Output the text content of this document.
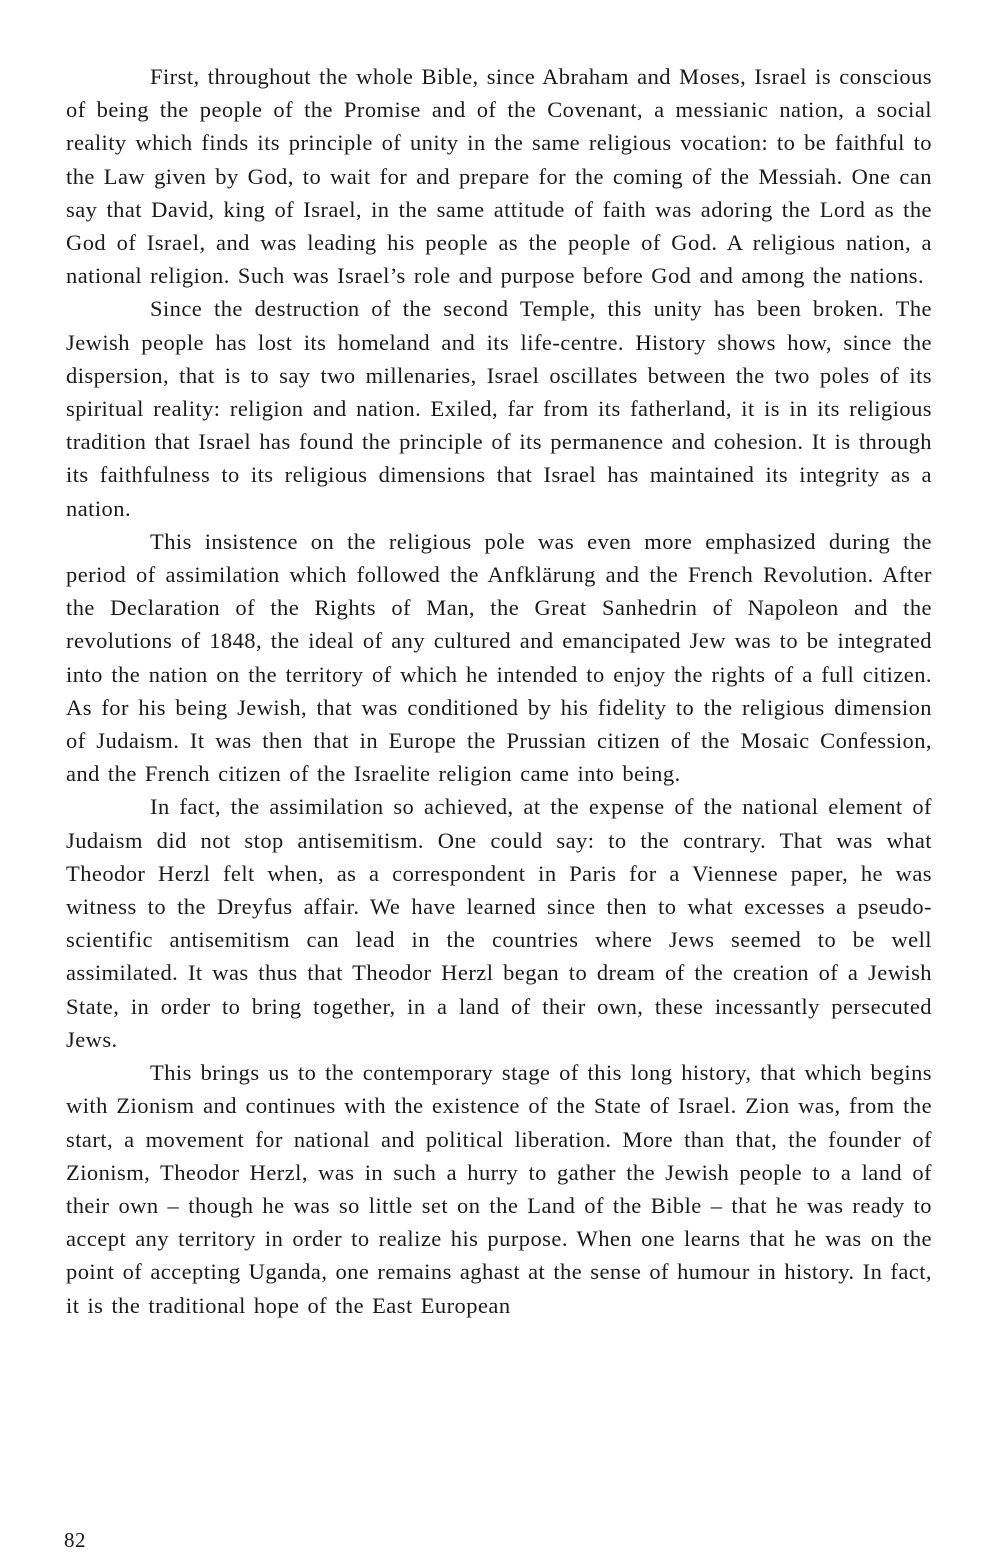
First, throughout the whole Bible, since Abraham and Moses, Israel is conscious of being the people of the Promise and of the Covenant, a messianic nation, a social reality which finds its principle of unity in the same religious vocation: to be faithful to the Law given by God, to wait for and prepare for the coming of the Messiah. One can say that David, king of Israel, in the same attitude of faith was adoring the Lord as the God of Israel, and was leading his people as the people of God. A religious nation, a national religion. Such was Israel’s role and purpose before God and among the nations.

Since the destruction of the second Temple, this unity has been broken. The Jewish people has lost its homeland and its life-centre. History shows how, since the dispersion, that is to say two millenaries, Israel oscillates between the two poles of its spiritual reality: religion and nation. Exiled, far from its fatherland, it is in its religious tradition that Israel has found the principle of its permanence and cohesion. It is through its faithfulness to its religious dimensions that Israel has maintained its integrity as a nation.

This insistence on the religious pole was even more emphasized during the period of assimilation which followed the Anfklärung and the French Revolution. After the Declaration of the Rights of Man, the Great Sanhedrin of Napoleon and the revolutions of 1848, the ideal of any cultured and emancipated Jew was to be integrated into the nation on the territory of which he intended to enjoy the rights of a full citizen. As for his being Jewish, that was conditioned by his fidelity to the religious dimension of Judaism. It was then that in Europe the Prussian citizen of the Mosaic Confession, and the French citizen of the Israelite religion came into being.

In fact, the assimilation so achieved, at the expense of the national element of Judaism did not stop antisemitism. One could say: to the contrary. That was what Theodor Herzl felt when, as a correspondent in Paris for a Viennese paper, he was witness to the Dreyfus affair. We have learned since then to what excesses a pseudo-scientific antisemitism can lead in the countries where Jews seemed to be well assimilated. It was thus that Theodor Herzl began to dream of the creation of a Jewish State, in order to bring together, in a land of their own, these incessantly persecuted Jews.

This brings us to the contemporary stage of this long history, that which begins with Zionism and continues with the existence of the State of Israel. Zion was, from the start, a movement for national and political liberation. More than that, the founder of Zionism, Theodor Herzl, was in such a hurry to gather the Jewish people to a land of their own – though he was so little set on the Land of the Bible – that he was ready to accept any territory in order to realize his purpose. When one learns that he was on the point of accepting Uganda, one remains aghast at the sense of humour in history. In fact, it is the traditional hope of the East European

82
